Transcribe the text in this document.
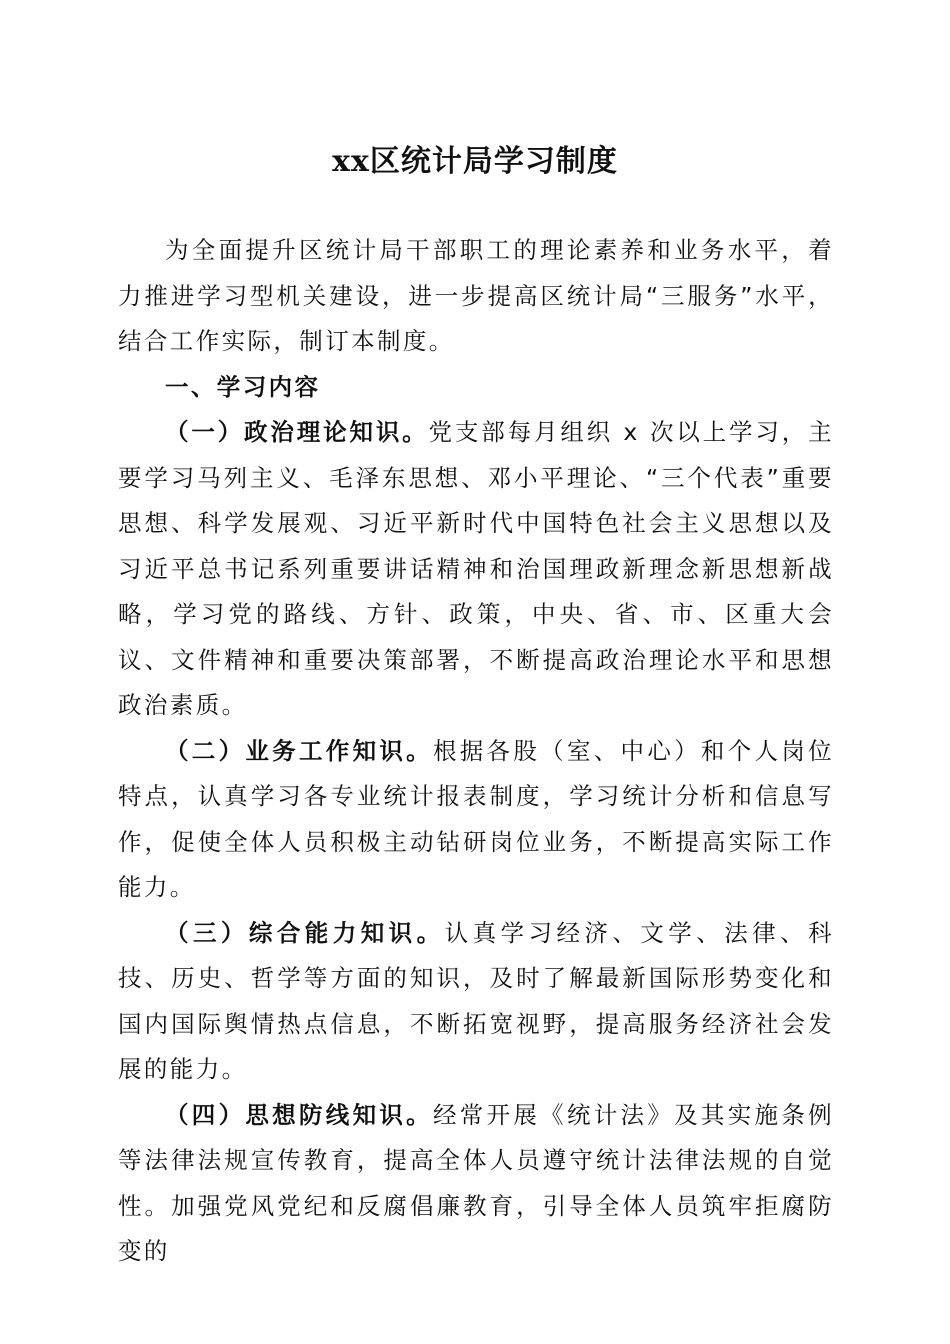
xx区统计局学习制度

为全面提升区统计局干部职工的理论素养和业务水平，着力推进学习型机关建设，进一步提高区统计局“三服务”水平，结合工作实际，制订本制度。

一、学习内容

（一）政治理论知识。党支部每月组织 x 次以上学习，主要学习马列主义、毛泽东思想、邓小平理论、“三个代表”重要思想、科学发展观、习近平新时代中国特色社会主义思想以及习近平总书记系列重要讲话精神和治国理政新理念新思想新战略，学习党的路线、方针、政策，中央、省、市、区重大会议、文件精神和重要决策部署，不断提高政治理论水平和思想政治素质。

（二）业务工作知识。根据各股（室、中心）和个人岗位特点，认真学习各专业统计报表制度，学习统计分析和信息写作，促使全体人员积极主动钻研岗位业务，不断提高实际工作能力。

（三）综合能力知识。认真学习经济、文学、法律、科技、历史、哲学等方面的知识，及时了解最新国际形势变化和国内国际舆情热点信息，不断拓宽视野，提高服务经济社会发展的能力。

（四）思想防线知识。经常开展《统计法》及其实施条例等法律法规宣传教育，提高全体人员遵守统计法律法规的自觉性。加强党风党纪和反腐倡廉教育，引导全体人员筑牢拒腐防变的
